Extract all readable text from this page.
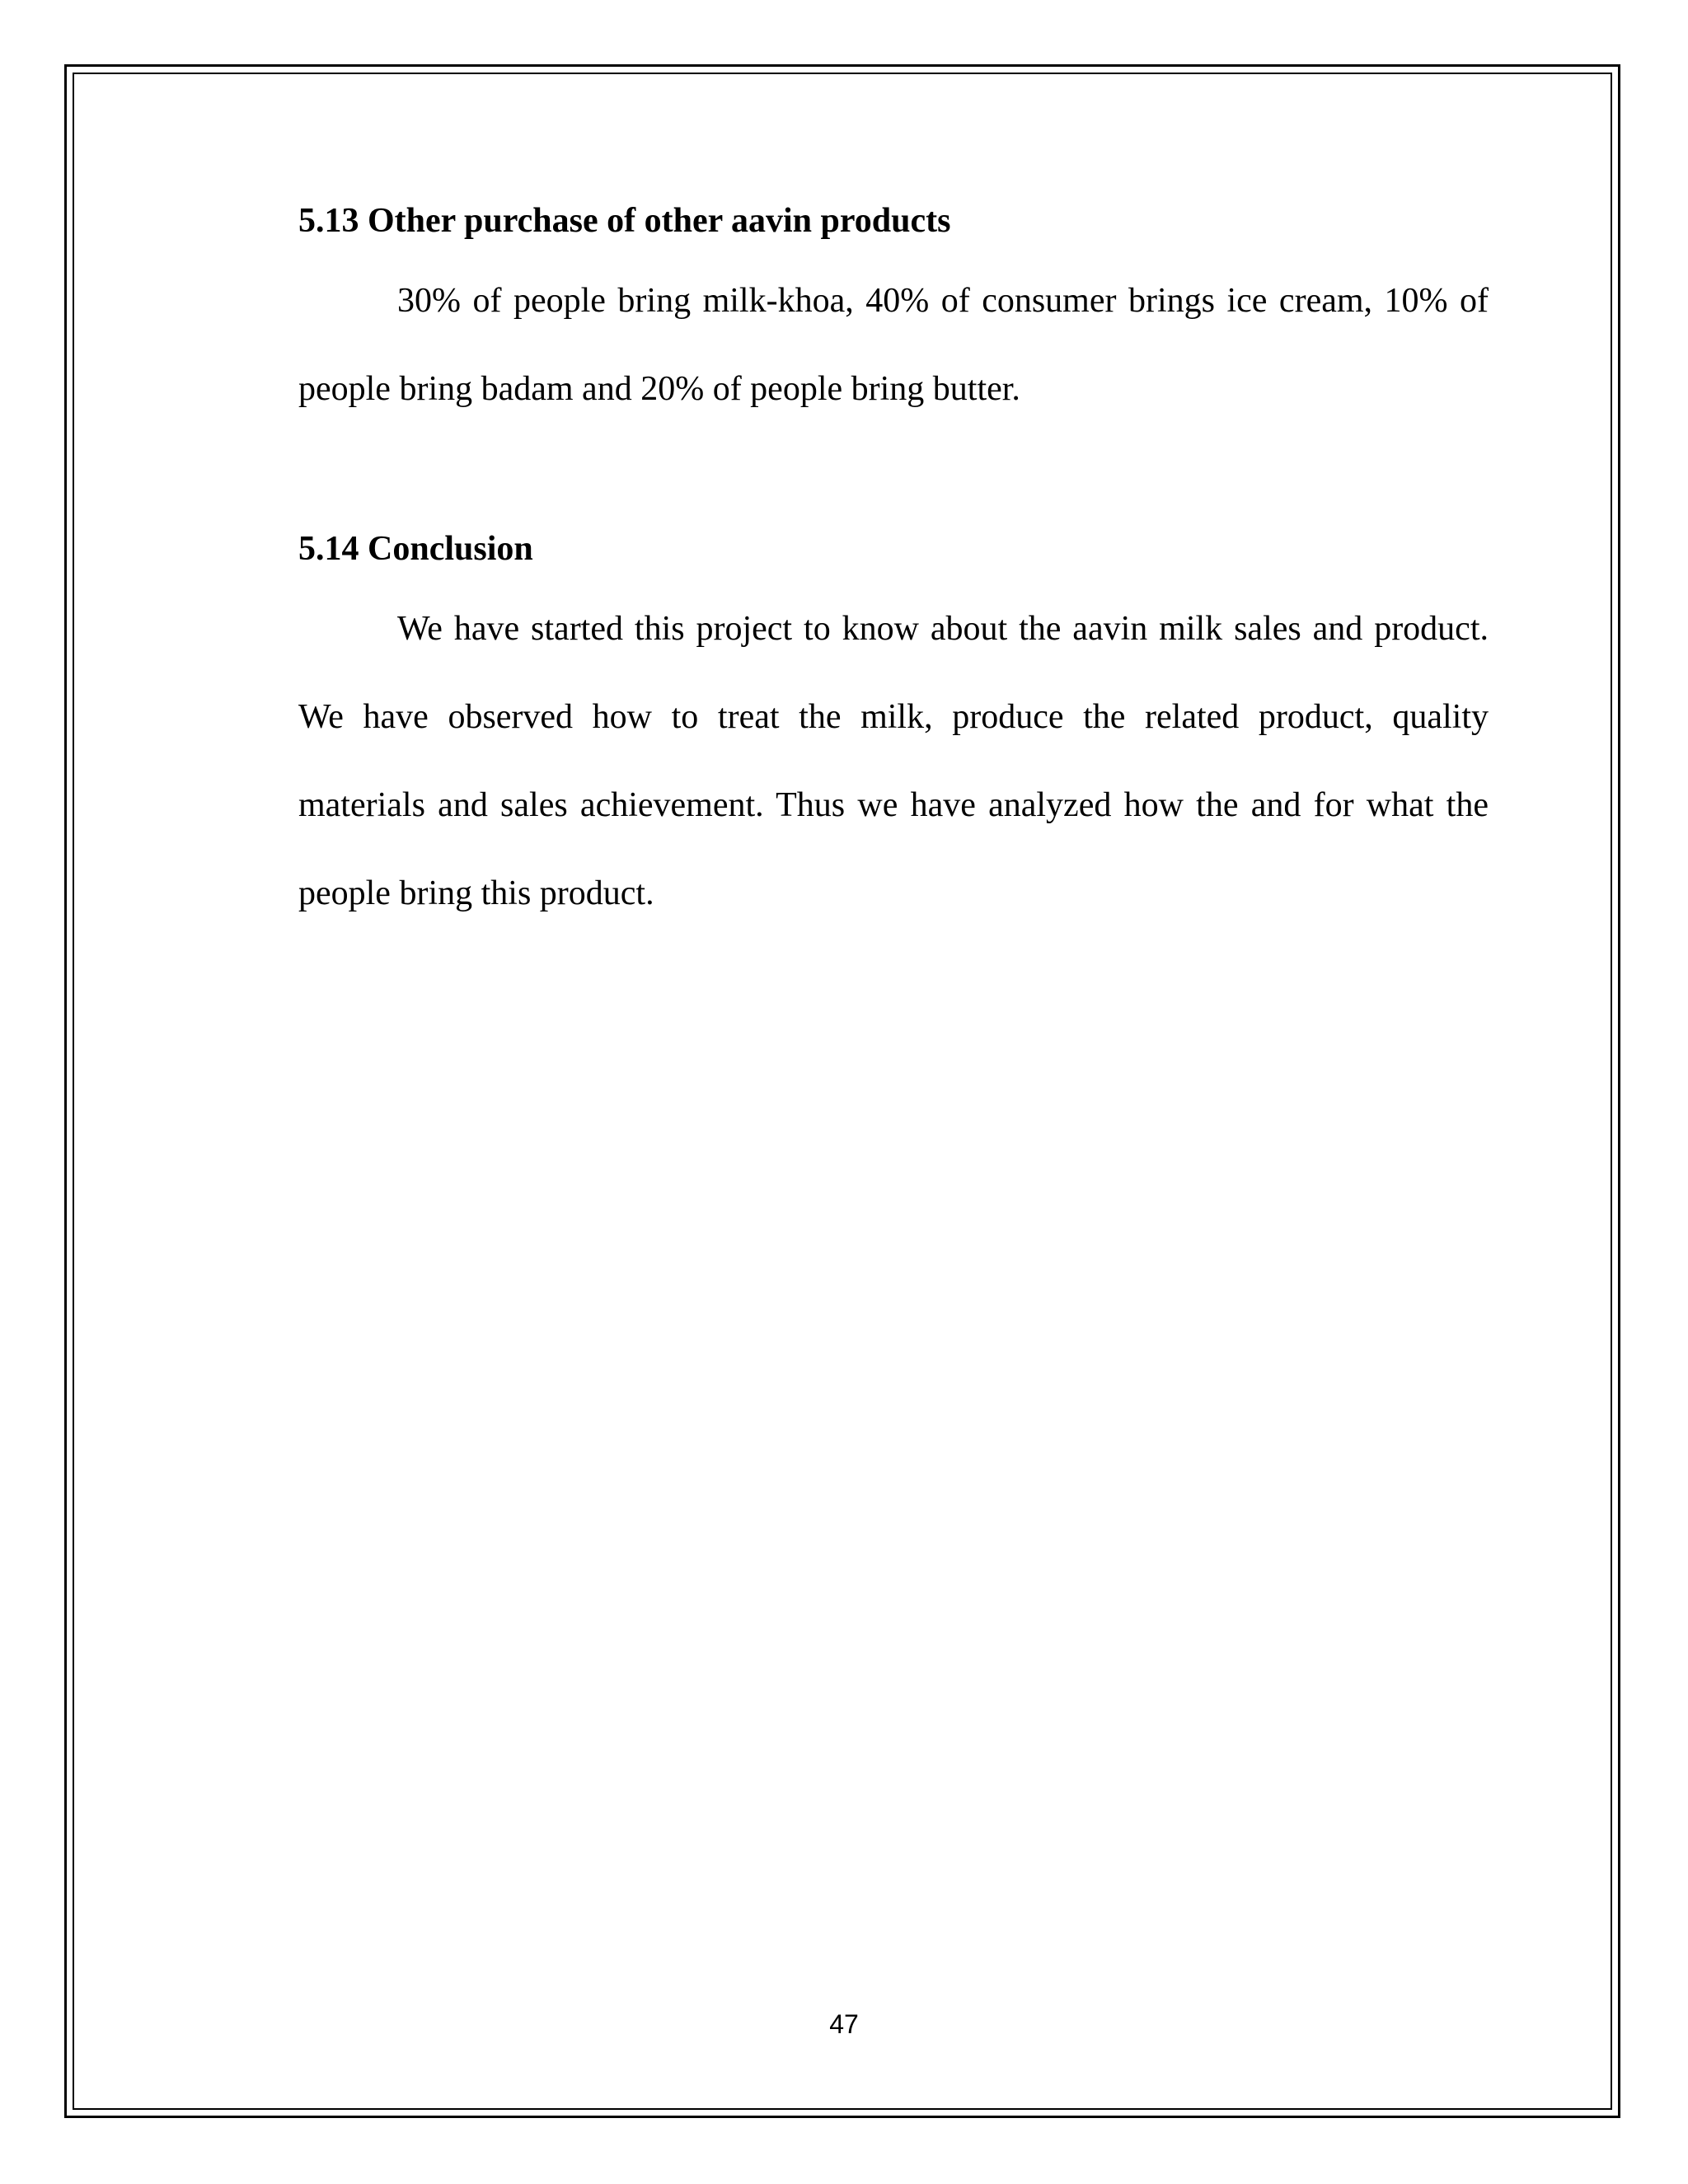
5.13 Other purchase of other aavin products

30% of people bring milk-khoa, 40% of consumer brings ice cream, 10% of people bring badam and 20% of people bring butter.

5.14 Conclusion

We have started this project to know about the aavin milk sales and product. We have observed how to treat the milk, produce the related product, quality materials and sales achievement. Thus we have analyzed how the and for what the people bring this product.

47
